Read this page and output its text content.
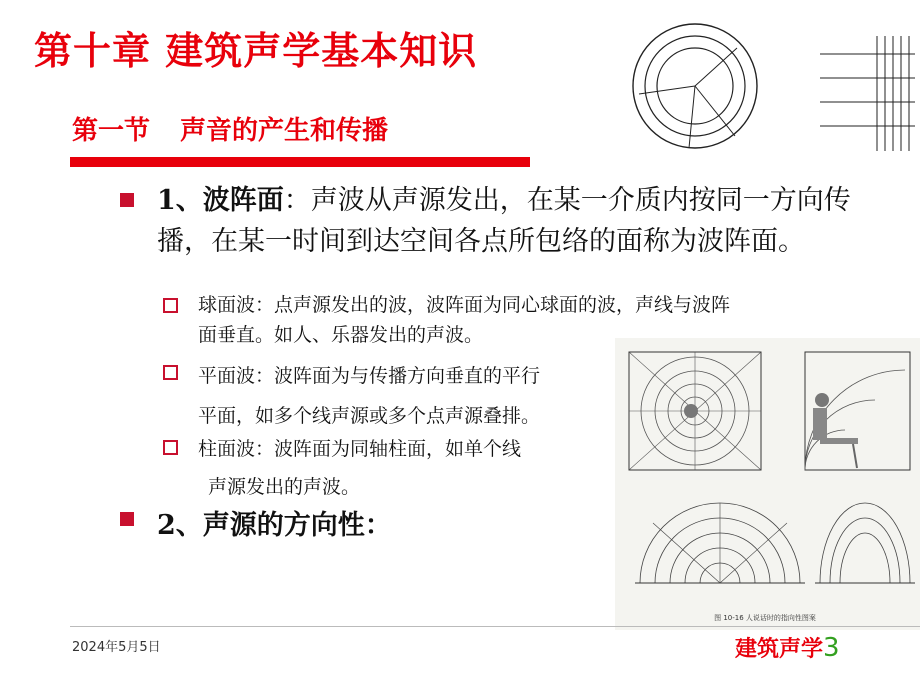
第十章 建筑声学基本知识
第一节 声音的产生和传播
1、波阵面：声波从声源发出，在某一介质内按同一方向传播，在某一时间到达空间各点所包络的面称为波阵面。
球面波：点声源发出的波，波阵面为同心球面的波，声线与波阵
面垂直。如人、乐器发出的声波。
平面波：波阵面为与传播方向垂直的平行
平面，如多个线声源或多个点声源叠排。
柱面波：波阵面为同轴柱面，如单个线
声源发出的声波。
2、声源的方向性：
图 10-16 人说话时的指向性图案
2024年5月5日	建筑声学3
